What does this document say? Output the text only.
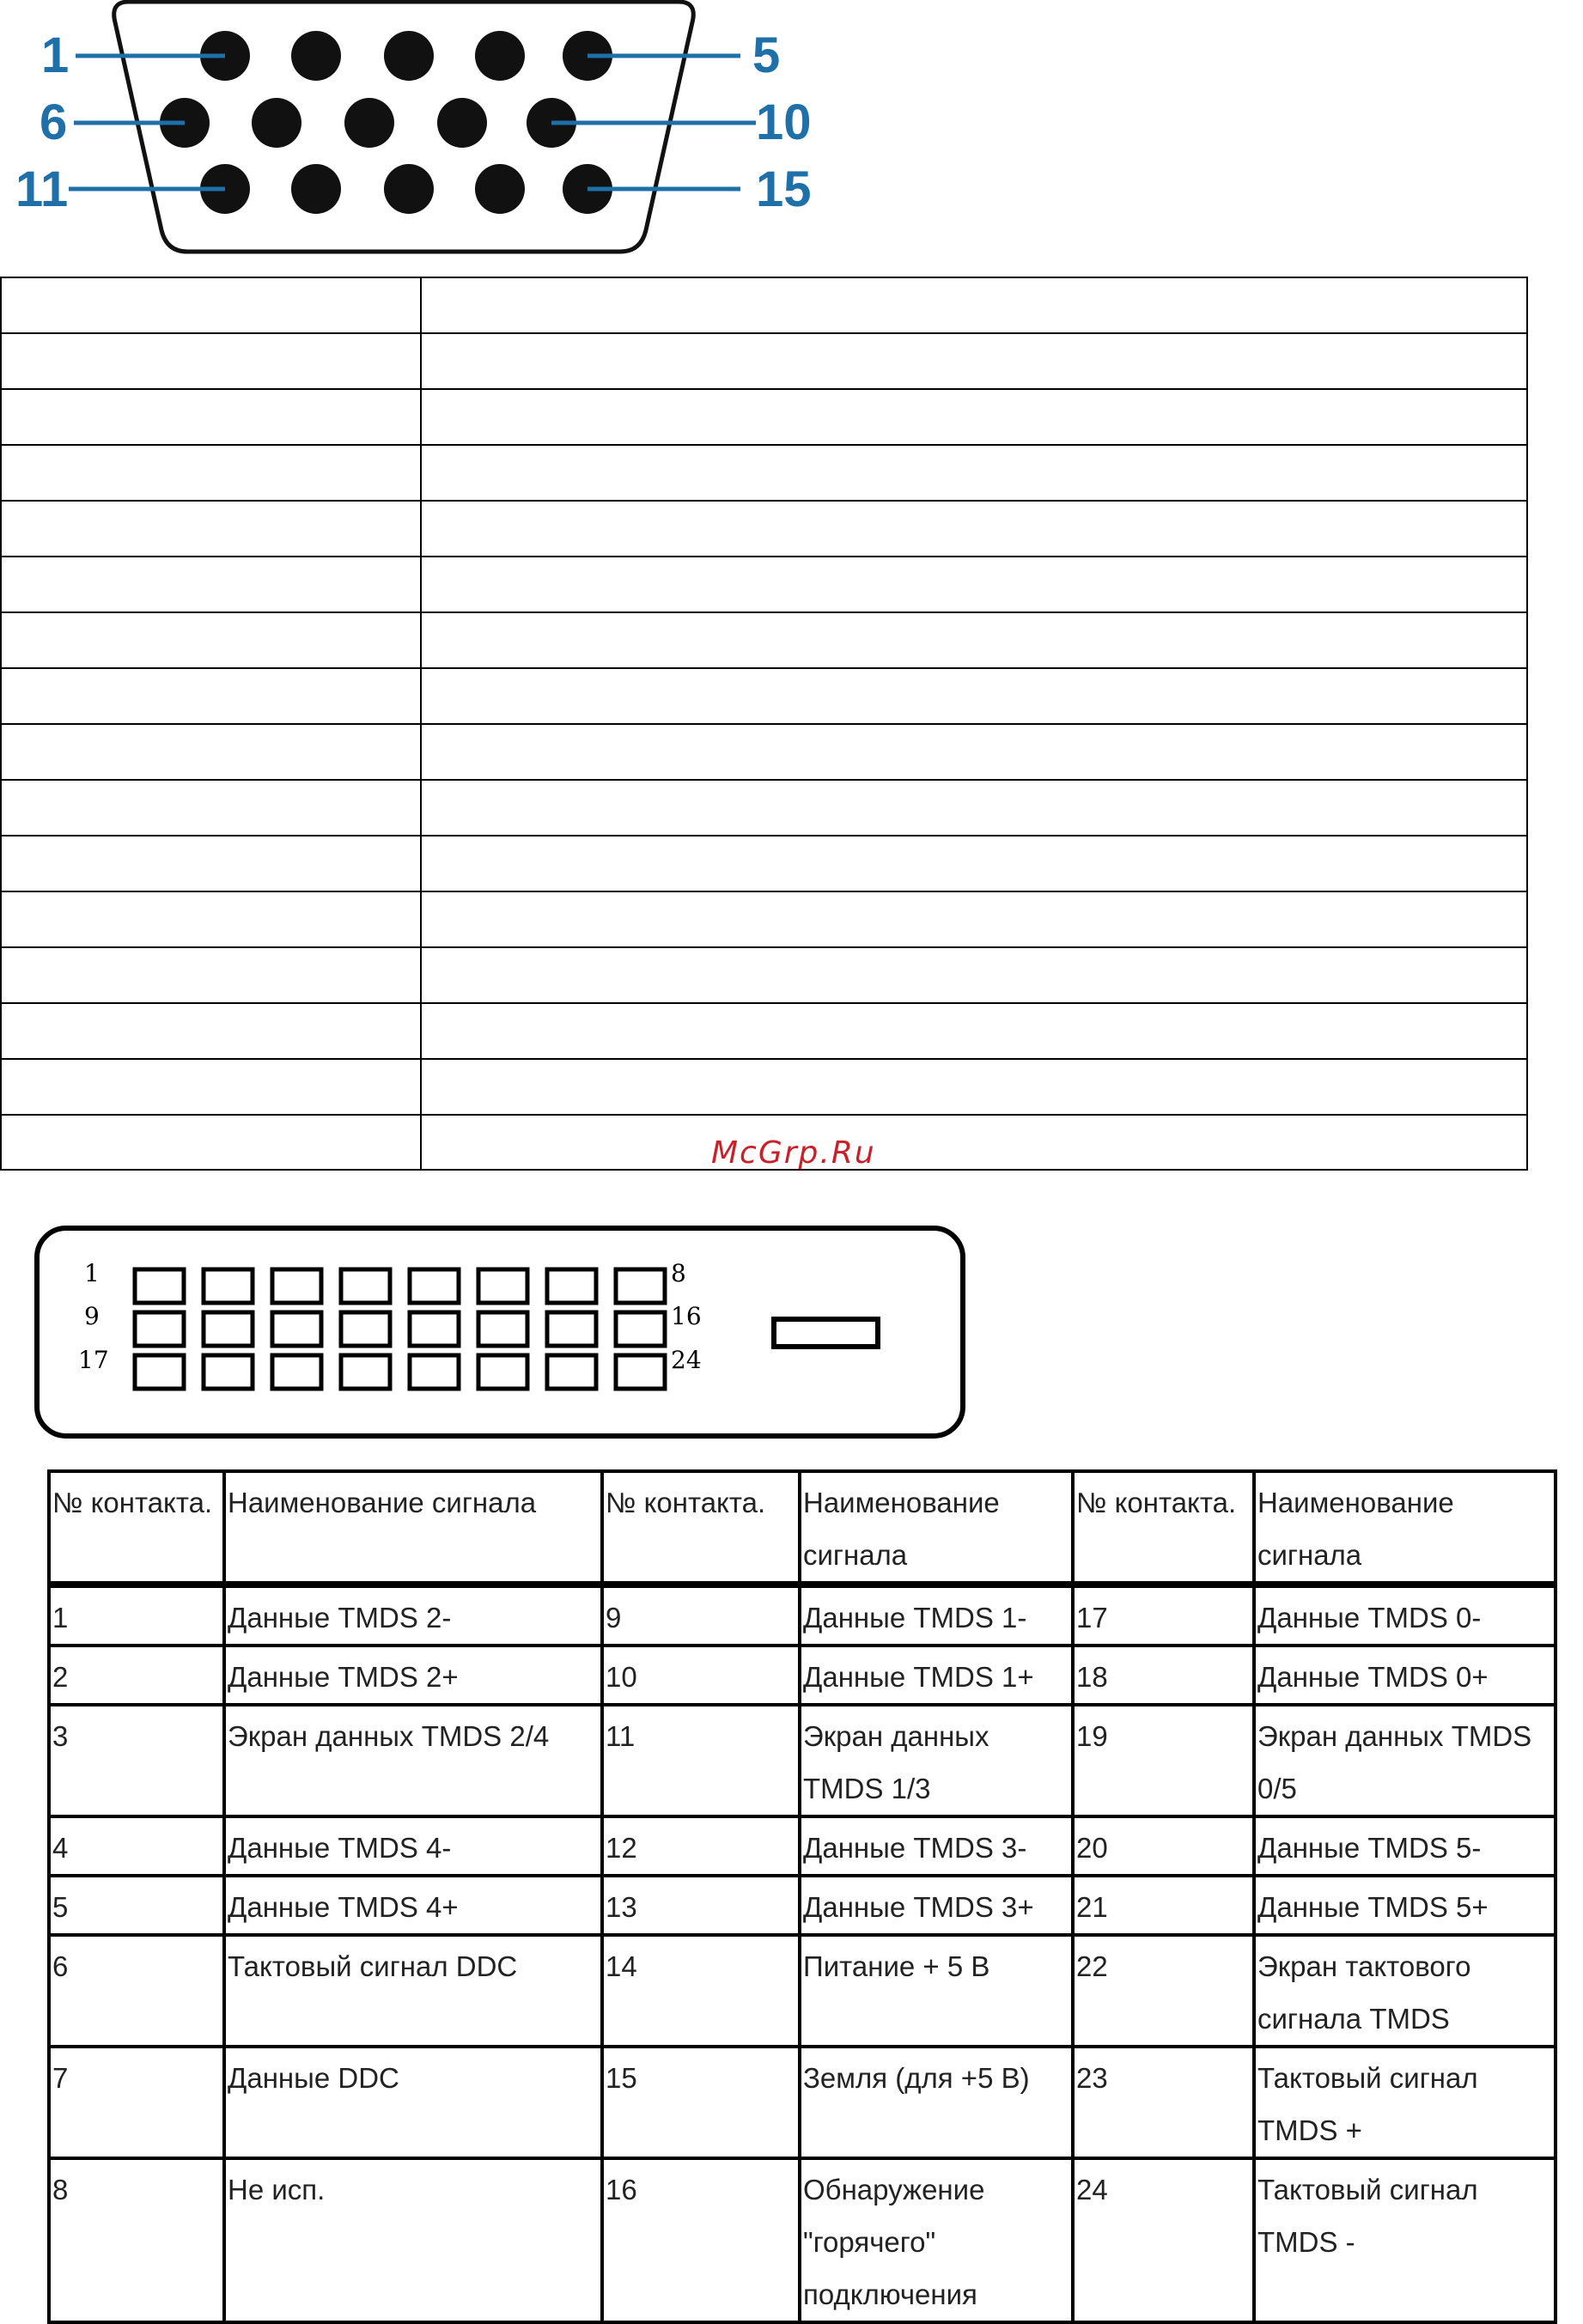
1
6
11
5
10
15
McGrp.Ru
1
9
17
8
16
24
№ контакта.	Наименование сигнала	№ контакта.	Наименование сигнала	№ контакта.	Наименование сигнала
1	Данные TMDS 2-	9	Данные TMDS 1-	17	Данные TMDS 0-
2	Данные TMDS 2+	10	Данные TMDS 1+	18	Данные TMDS 0+
3	Экран данных TMDS 2/4	11	Экран данных TMDS 1/3	19	Экран данных TMDS 0/5
4	Данные TMDS 4-	12	Данные TMDS 3-	20	Данные TMDS 5-
5	Данные TMDS 4+	13	Данные TMDS 3+	21	Данные TMDS 5+
6	Тактовый сигнал DDC	14	Питание + 5 В	22	Экран тактового сигнала TMDS
7	Данные DDC	15	Земля (для +5 В)	23	Тактовый сигнал TMDS +
8	Не исп.	16	Обнаружение "горячего" подключения	24	Тактовый сигнал TMDS -
